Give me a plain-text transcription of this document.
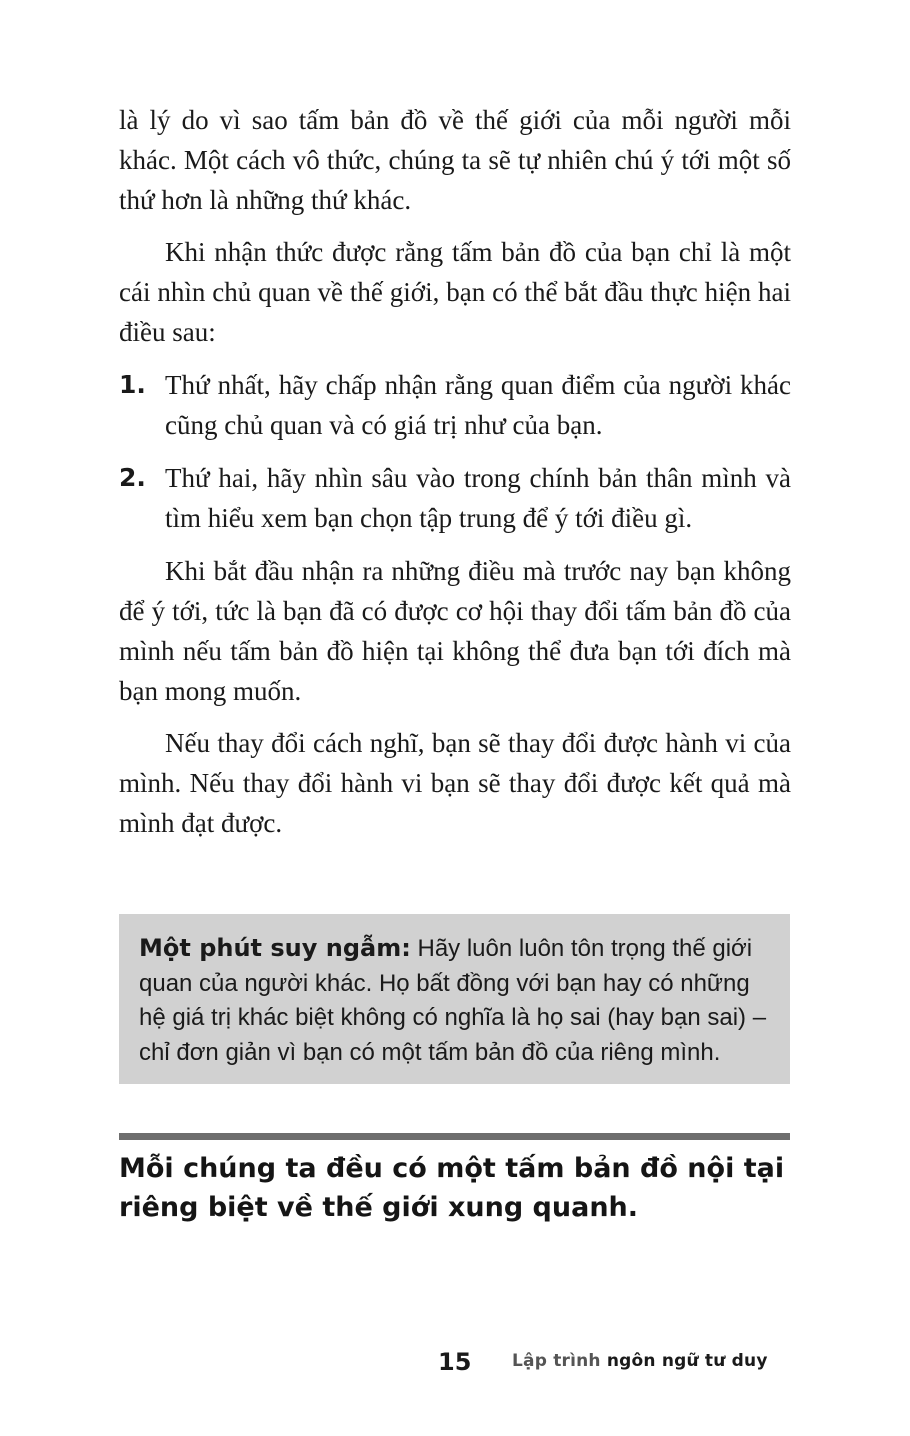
là lý do vì sao tấm bản đồ về thế giới của mỗi người mỗi khác. Một cách vô thức, chúng ta sẽ tự nhiên chú ý tới một số thứ hơn là những thứ khác.

Khi nhận thức được rằng tấm bản đồ của bạn chỉ là một cái nhìn chủ quan về thế giới, bạn có thể bắt đầu thực hiện hai điều sau:

1. Thứ nhất, hãy chấp nhận rằng quan điểm của người khác cũng chủ quan và có giá trị như của bạn.
2. Thứ hai, hãy nhìn sâu vào trong chính bản thân mình và tìm hiểu xem bạn chọn tập trung để ý tới điều gì.

Khi bắt đầu nhận ra những điều mà trước nay bạn không để ý tới, tức là bạn đã có được cơ hội thay đổi tấm bản đồ của mình nếu tấm bản đồ hiện tại không thể đưa bạn tới đích mà bạn mong muốn.

Nếu thay đổi cách nghĩ, bạn sẽ thay đổi được hành vi của mình. Nếu thay đổi hành vi bạn sẽ thay đổi được kết quả mà mình đạt được.

Một phút suy ngẫm: Hãy luôn luôn tôn trọng thế giới quan của người khác. Họ bất đồng với bạn hay có những hệ giá trị khác biệt không có nghĩa là họ sai (hay bạn sai) – chỉ đơn giản vì bạn có một tấm bản đồ của riêng mình.
Mỗi chúng ta đều có một tấm bản đồ nội tại riêng biệt về thế giới xung quanh.
15 Lập trình ngôn ngữ tư duy
